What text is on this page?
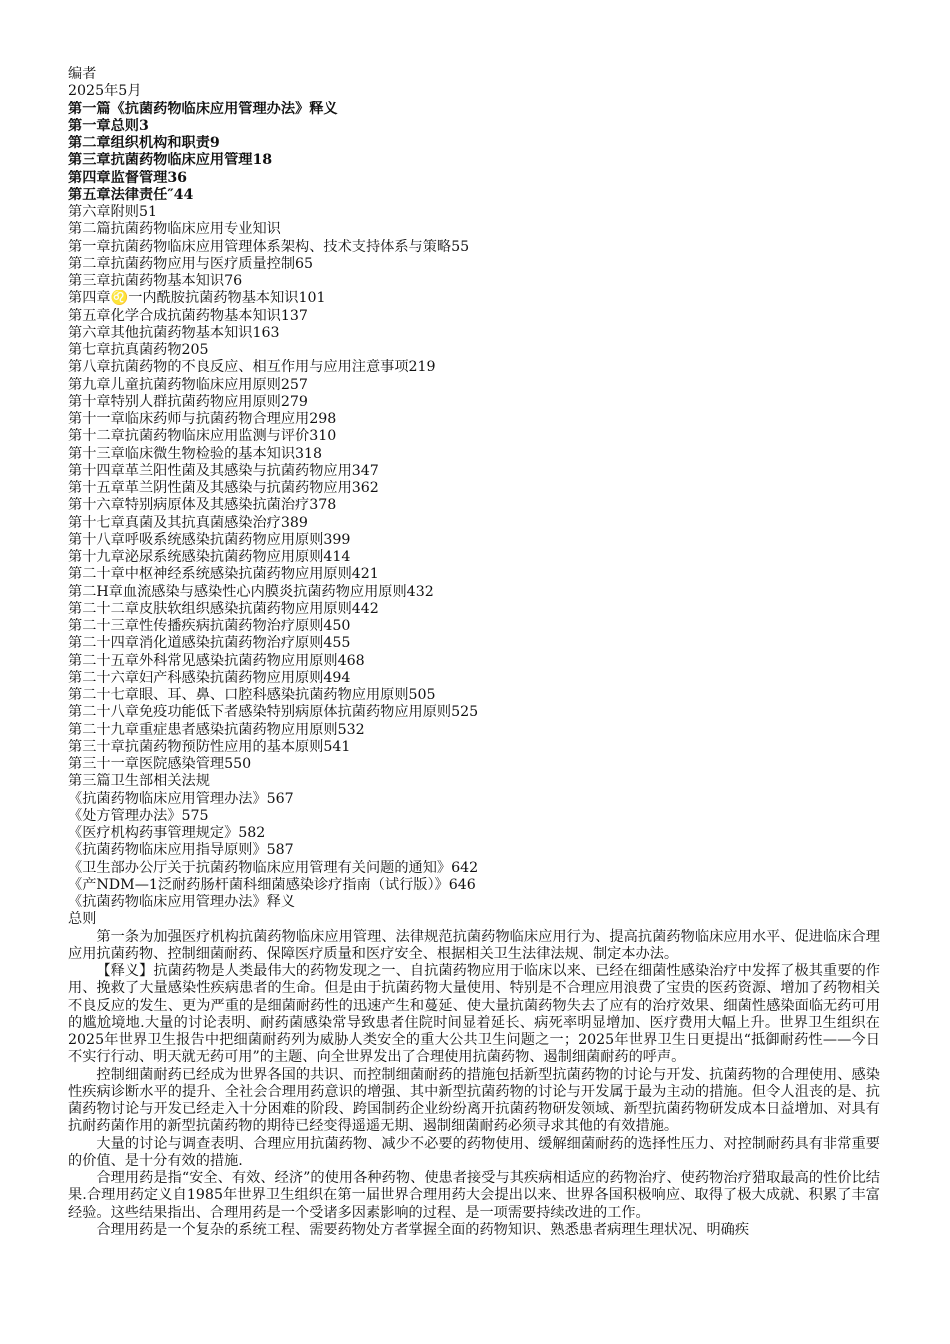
编者
2025年5月
第一篇《抗菌药物临床应用管理办法》释义
第一章总则3
第二章组织机构和职责9
第三章抗菌药物临床应用管理18
第四章监督管理36
第五章法律责任″44
第六章附则51
第二篇抗菌药物临床应用专业知识
第一章抗菌药物临床应用管理体系架构、技术支持体系与策略55
第二章抗菌药物应用与医疗质量控制65
第三章抗菌药物基本知识76
第四章♌一内酰胺抗菌药物基本知识101
第五章化学合成抗菌药物基本知识137
第六章其他抗菌药物基本知识163
第七章抗真菌药物205
第八章抗菌药物的不良反应、相互作用与应用注意事项219
第九章儿童抗菌药物临床应用原则257
第十章特别人群抗菌药物应用原则279
第十一章临床药师与抗菌药物合理应用298
第十二章抗菌药物临床应用监测与评价310
第十三章临床微生物检验的基本知识318
第十四章革兰阳性菌及其感染与抗菌药物应用347
第十五章革兰阴性菌及其感染与抗菌药物应用362
第十六章特别病原体及其感染抗菌治疗378
第十七章真菌及其抗真菌感染治疗389
第十八章呼吸系统感染抗菌药物应用原则399
第十九章泌尿系统感染抗菌药物应用原则414
第二十章中枢神经系统感染抗菌药物应用原则421
第二H章血流感染与感染性心内膜炎抗菌药物应用原则432
第二十二章皮肤软组织感染抗菌药物应用原则442
第二十三章性传播疾病抗菌药物治疗原则450
第二十四章消化道感染抗菌药物治疗原则455
第二十五章外科常见感染抗菌药物应用原则468
第二十六章妇产科感染抗菌药物应用原则494
第二十七章眼、耳、鼻、口腔科感染抗菌药物应用原则505
第二十八章免疫功能低下者感染特别病原体抗菌药物应用原则525
第二十九章重症患者感染抗菌药物应用原则532
第三十章抗菌药物预防性应用的基本原则541
第三十一章医院感染管理550
第三篇卫生部相关法规
《抗菌药物临床应用管理办法》567
《处方管理办法》575
《医疗机构药事管理规定》582
《抗菌药物临床应用指导原则》587
《卫生部办公厅关于抗菌药物临床应用管理有关问题的通知》642
《产NDM—1泛耐药肠杆菌科细菌感染诊疗指南（试行版）》646
《抗菌药物临床应用管理办法》释义
总则

第一条为加强医疗机构抗菌药物临床应用管理、法律规范抗菌药物临床应用行为、提高抗菌药物临床应用水平、促进临床合理应用抗菌药物、控制细菌耐药、保障医疗质量和医疗安全、根据相关卫生法律法规、制定本办法。

【释义】抗菌药物是人类最伟大的药物发现之一、自抗菌药物应用于临床以来、已经在细菌性感染治疗中发挥了极其重要的作用、挽救了大量感染性疾病患者的生命。但是由于抗菌药物大量使用、特别是不合理应用浪费了宝贵的医药资源、增加了药物相关不良反应的发生、更为严重的是细菌耐药性的迅速产生和蔓延、使大量抗菌药物失去了应有的治疗效果、细菌性感染面临无药可用的尴尬境地.大量的讨论表明、耐药菌感染常导致患者住院时间显着延长、病死率明显增加、医疗费用大幅上升。世界卫生组织在2025年世界卫生报告中把细菌耐药列为威胁人类安全的重大公共卫生问题之一；2025年世界卫生日更提出“抵御耐药性——今日不实行行动、明天就无药可用”的主题、向全世界发出了合理使用抗菌药物、遏制细菌耐药的呼声。

控制细菌耐药已经成为世界各国的共识、而控制细菌耐药的措施包括新型抗菌药物的讨论与开发、抗菌药物的合理使用、感染性疾病诊断水平的提升、全社会合理用药意识的增强、其中新型抗菌药物的讨论与开发属于最为主动的措施。但令人沮丧的是、抗菌药物讨论与开发已经走入十分困难的阶段、跨国制药企业纷纷离开抗菌药物研发领域、新型抗菌药物研发成本日益增加、对具有抗耐药菌作用的新型抗菌药物的期待已经变得遥遥无期、遏制细菌耐药必须寻求其他的有效措施。

大量的讨论与调查表明、合理应用抗菌药物、减少不必要的药物使用、缓解细菌耐药的选择性压力、对控制耐药具有非常重要的价值、是十分有效的措施.

合理用药是指“安全、有效、经济”的使用各种药物、使患者接受与其疾病相适应的药物治疗、使药物治疗猎取最高的性价比结果.合理用药定义自1985年世界卫生组织在第一届世界合理用药大会提出以来、世界各国积极响应、取得了极大成就、积累了丰富经验。这些结果指出、合理用药是一个受诸多因素影响的过程、是一项需要持续改进的工作。

合理用药是一个复杂的系统工程、需要药物处方者掌握全面的药物知识、熟悉患者病理生理状况、明确疾
